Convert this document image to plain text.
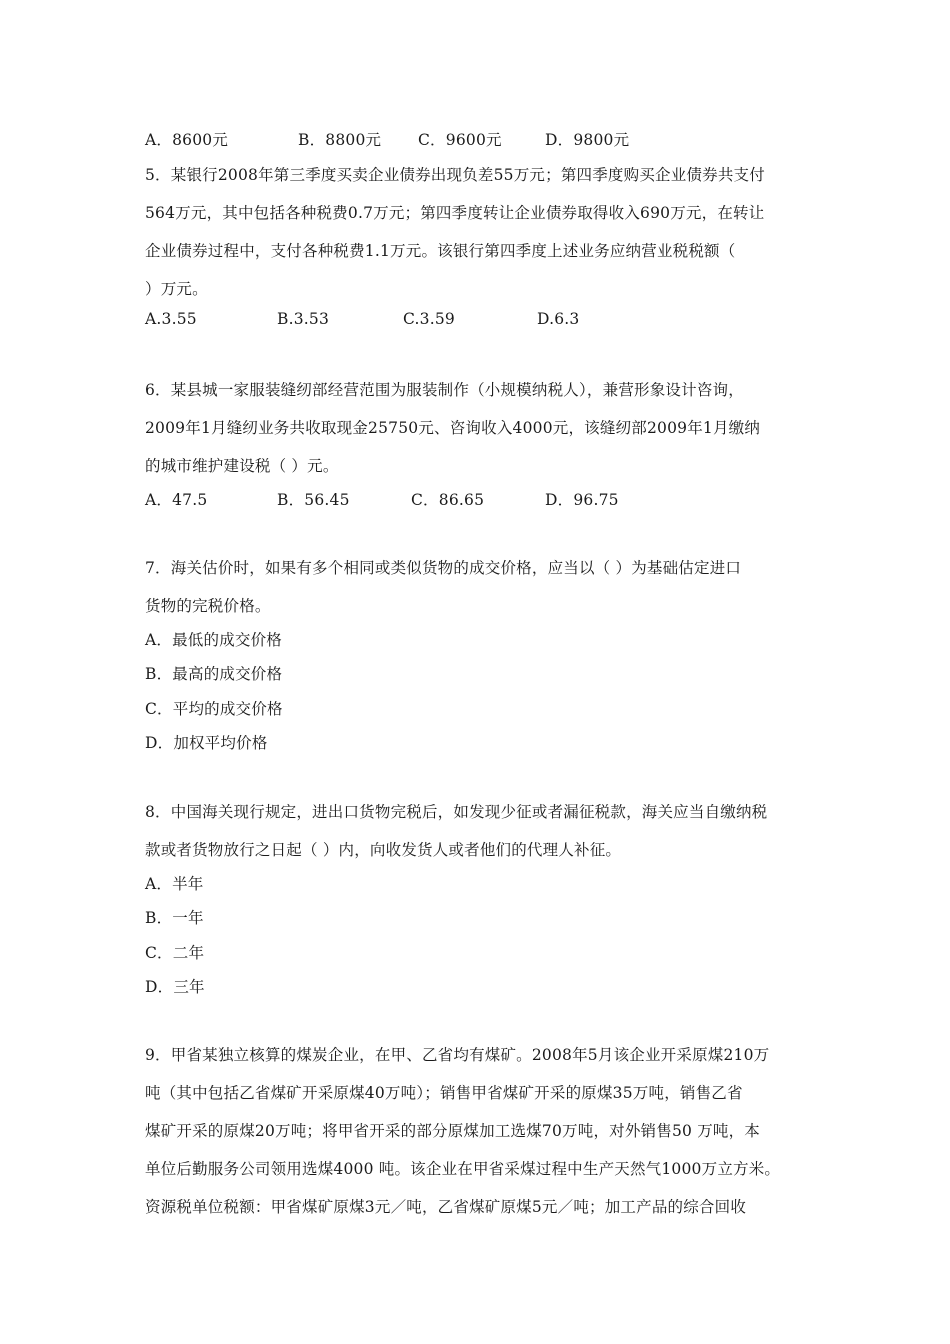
A．8600元	B．8800元 C．9600元	D．9800元
5．某银行2008年第三季度买卖企业债券出现负差55万元；第四季度购买企业债券共支付
564万元，其中包括各种税费0.7万元；第四季度转让企业债券取得收入690万元，在转让
企业债券过程中，支付各种税费1.1万元。该银行第四季度上述业务应纳营业税税额（
）万元。
A.3.55	B.3.53	C.3.59	D.6.3
6．某县城一家服装缝纫部经营范围为服装制作（小规模纳税人），兼营形象设计咨询，
2009年1月缝纫业务共收取现金25750元、咨询收入4000元，该缝纫部2009年1月缴纳
的城市维护建设税（ ）元。
A．47.5	B．56.45	C．86.65	D．96.75
7．海关估价时，如果有多个相同或类似货物的成交价格，应当以（ ）为基础估定进口
货物的完税价格。
A．最低的成交价格
B．最高的成交价格
C．平均的成交价格
D．加权平均价格
8．中国海关现行规定，进出口货物完税后，如发现少征或者漏征税款，海关应当自缴纳税
款或者货物放行之日起（ ）内，向收发货人或者他们的代理人补征。
A．半年
B．一年
C．二年
D．三年
9．甲省某独立核算的煤炭企业，在甲、乙省均有煤矿。2008年5月该企业开采原煤210万
吨（其中包括乙省煤矿开采原煤40万吨）；销售甲省煤矿开采的原煤35万吨，销售乙省
煤矿开采的原煤20万吨；将甲省开采的部分原煤加工选煤70万吨，对外销售50 万吨，本
单位后勤服务公司领用选煤4000 吨。该企业在甲省采煤过程中生产天然气1000万立方米。
资源税单位税额：甲省煤矿原煤3元／吨，乙省煤矿原煤5元／吨；加工产品的综合回收
